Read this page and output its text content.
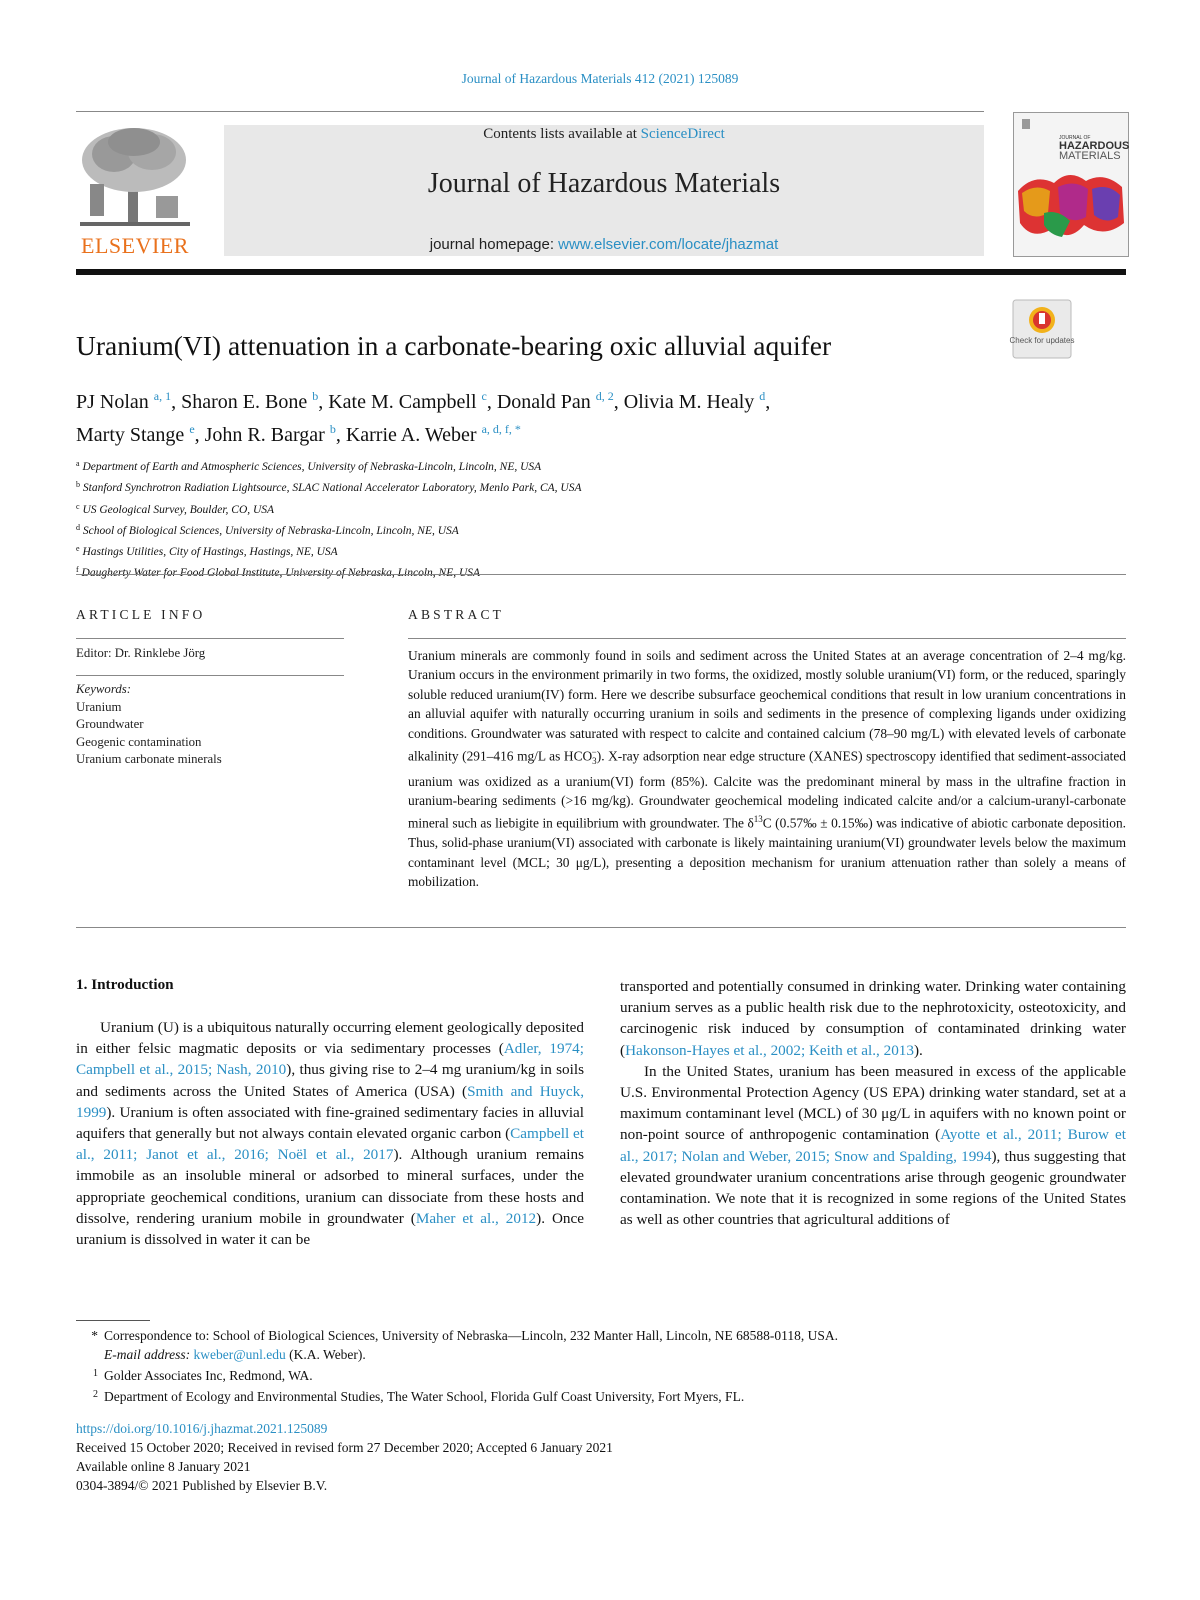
Journal of Hazardous Materials 412 (2021) 125089
ELSEVIER
Contents lists available at ScienceDirect
Journal of Hazardous Materials
journal homepage: www.elsevier.com/locate/jhazmat
JOURNAL OF
HAZARDOUS
MATERIALS
Uranium(VI) attenuation in a carbonate-bearing oxic alluvial aquifer	Check for updates
PJ Nolan $^{a, 1}$, Sharon E. Bone $^b$, Kate M. Campbell $^c$, Donald Pan $^{d, 2}$, Olivia M. Healy $^d$,
Marty Stange $^e$, John R. Bargar $^b$, Karrie A. Weber $^{a, d, f, *}$
$^a$ Department of Earth and Atmospheric Sciences, University of Nebraska-Lincoln, Lincoln, NE, USA
$^b$ Stanford Synchrotron Radiation Lightsource, SLAC National Accelerator Laboratory, Menlo Park, CA, USA
$^c$ US Geological Survey, Boulder, CO, USA
$^d$ School of Biological Sciences, University of Nebraska-Lincoln, Lincoln, NE, USA
$^e$ Hastings Utilities, City of Hastings, Hastings, NE, USA
$^f$
ARTICLE INFO
Editor: Dr. Rinklebe Jörg
Keywords:
Uranium
Groundwater
Geogenic contamination
Uranium carbonate minerals
ABSTRACT
Uranium minerals are commonly found in soils and sediment across the United States at an average concentration of 2–4 mg/kg. Uranium occurs in the environment primarily in two forms, the oxidized, mostly soluble uranium(VI) form, or the reduced, sparingly soluble reduced uranium(IV) form. Here we describe subsurface geochemical conditions that result in low uranium concentrations in an alluvial aquifer with naturally occurring uranium in soils and sediments in the presence of complexing ligands under oxidizing conditions. Groundwater was saturated with respect to calcite and contained calcium (78–90 mg/L) with elevated levels of carbonate alkalinity (291–416 mg/L as $HCO_3^-$). X-ray adsorption near edge structure (XANES) spectroscopy identified that sediment-associated uranium was oxidized as a uranium(VI) form (85%). Calcite was the predominant mineral by mass in the ultrafine fraction in uranium-bearing sediments (>16 mg/kg). Groundwater geochemical modeling indicated calcite and/or a calcium-uranyl-carbonate mineral such as liebigite in equilibrium with groundwater. The $\delta^{13}C$ (0.57‰ ± 0.15‰) was indicative of abiotic carbonate deposition. Thus, solid-phase uranium(VI) associated with carbonate is likely maintaining uranium(VI) groundwater levels below the maximum contaminant level (MCL; 30 μg/L), presenting a deposition mechanism for uranium attenuation rather than solely a means of mobilization.
1. Introduction

Uranium (U) is a ubiquitous naturally occurring element geologically deposited in either felsic magmatic deposits or via sedimentary processes (Adler, 1974; Campbell et al., 2015; Nash, 2010), thus giving rise to 2–4 mg uranium/kg in soils and sediments across the United States of America (USA) (Smith and Huyck, 1999). Uranium is often associated with fine-grained sedimentary facies in alluvial aquifers that generally but not always contain elevated organic carbon (Campbell et al., 2011; Janot et al., 2016; Noël et al., 2017). Although uranium remains immobile as an insoluble mineral or adsorbed to mineral surfaces, under the appropriate geochemical conditions, uranium can dissociate from these hosts and dissolve, rendering uranium mobile in groundwater (Maher et al., 2012). Once uranium is dissolved in water it can be

transported and potentially consumed in drinking water. Drinking water containing uranium serves as a public health risk due to the nephrotoxicity, osteotoxicity, and carcinogenic risk induced by consumption of contaminated drinking water (Hakonson-Hayes et al., 2002; Keith et al., 2013).

In the United States, uranium has been measured in excess of the applicable U.S. Environmental Protection Agency (US EPA) drinking water standard, set at a maximum contaminant level (MCL) of 30 μg/L in aquifers with no known point or non-point source of anthropogenic contamination (Ayotte et al., 2011; Burow et al., 2017; Nolan and Weber, 2015; Snow and Spalding, 1994), thus suggesting that elevated groundwater uranium concentrations arise through geogenic groundwater contamination. We note that it is recognized in some regions of the United States as well as other countries that agricultural additions of

* Correspondence to: School of Biological Sciences, University of Nebraska—Lincoln, 232 Manter Hall, Lincoln, NE 68588-0118, USA.
E-mail address: kweber@unl.edu (K.A. Weber).
1 Golder Associates Inc, Redmond, WA.
2 Department of Ecology and Environmental Studies, The Water School, Florida Gulf Coast University, Fort Myers, FL.
https://doi.org/10.1016/j.jhazmat.2021.125089
Received 15 October 2020; Received in revised form 27 December 2020; Accepted 6 January 2021
Available online 8 January 2021
0304-3894/© 2021 Published by Elsevier B.V.
